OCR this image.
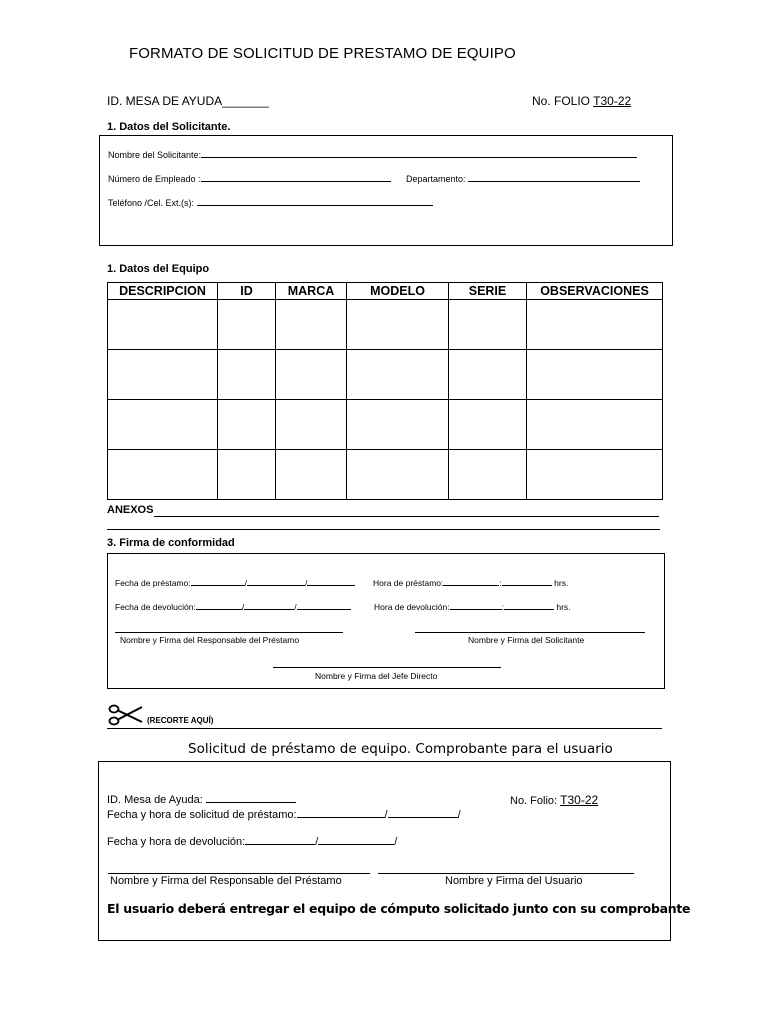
FORMATO DE SOLICITUD DE PRESTAMO DE EQUIPO
ID. MESA DE AYUDA_______	No. FOLIO T30-22
1. Datos del Solicitante.
Nombre del Solicitante:
Número de Empleado :	Departamento:
Teléfono /Cel. Ext.(s):
1. Datos del Equipo
DESCRIPCION	ID	MARCA	MODELO	SERIE	OBSERVACIONES

ANEXOS
3. Firma de conformidad
Fecha de préstamo:	/	/	Hora de préstamo:	:	hrs.
Fecha de devolución:	/	/	Hora de devolución:	:	hrs.
Nombre y Firma del Responsable del Préstamo	Nombre y Firma del Solicitante
Nombre y Firma del Jefe Directo
(RECORTE AQUÍ)
Solicitud de préstamo de equipo. Comprobante para el usuario
ID. Mesa de Ayuda:	No. Folio: T30-22
Fecha y hora de solicitud de préstamo:	/	/
Fecha y hora de devolución:	/	/
Nombre y Firma del Responsable del Préstamo	Nombre y Firma del Usuario
El usuario deberá entregar el equipo de cómputo solicitado junto con su comprobante
